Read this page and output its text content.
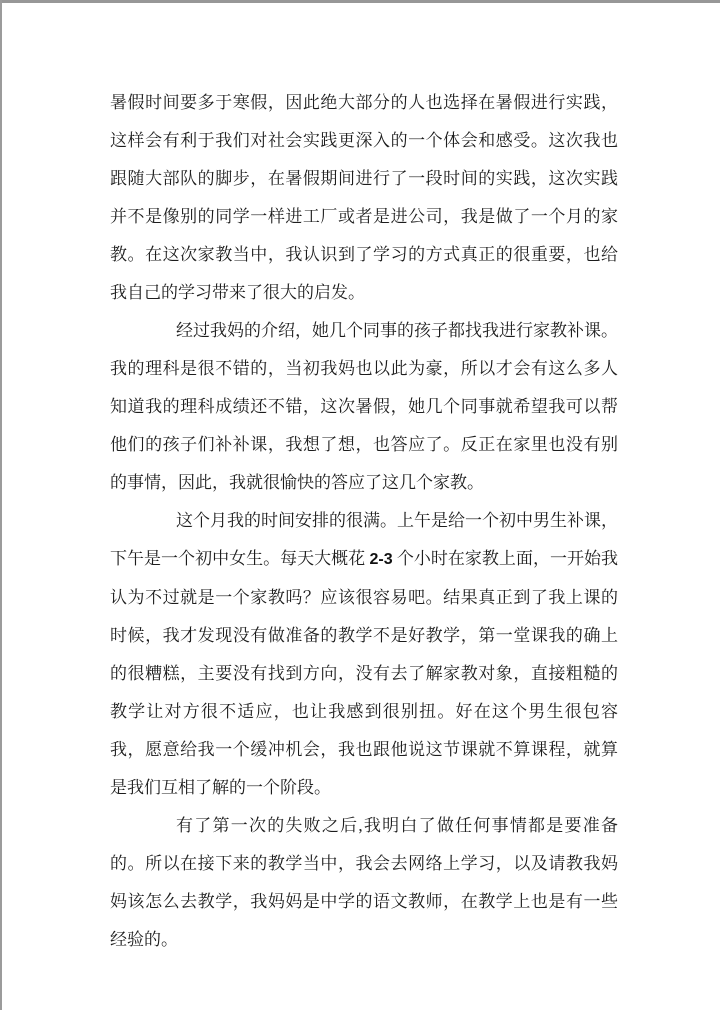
暑假时间要多于寒假，因此绝大部分的人也选择在暑假进行实践，这样会有利于我们对社会实践更深入的一个体会和感受。这次我也跟随大部队的脚步，在暑假期间进行了一段时间的实践，这次实践并不是像别的同学一样进工厂或者是进公司，我是做了一个月的家教。在这次家教当中，我认识到了学习的方式真正的很重要，也给我自己的学习带来了很大的启发。

经过我妈的介绍，她几个同事的孩子都找我进行家教补课。我的理科是很不错的，当初我妈也以此为豪，所以才会有这么多人知道我的理科成绩还不错，这次暑假，她几个同事就希望我可以帮他们的孩子们补补课，我想了想，也答应了。反正在家里也没有别的事情，因此，我就很愉快的答应了这几个家教。

这个月我的时间安排的很满。上午是给一个初中男生补课，下午是一个初中女生。每天大概花 2-3 个小时在家教上面，一开始我认为不过就是一个家教吗？应该很容易吧。结果真正到了我上课的时候，我才发现没有做准备的教学不是好教学，第一堂课我的确上的很糟糕，主要没有找到方向，没有去了解家教对象，直接粗糙的教学让对方很不适应，也让我感到很别扭。好在这个男生很包容我，愿意给我一个缓冲机会，我也跟他说这节课就不算课程，就算是我们互相了解的一个阶段。

有了第一次的失败之后,我明白了做任何事情都是要准备的。所以在接下来的教学当中，我会去网络上学习，以及请教我妈妈该怎么去教学，我妈妈是中学的语文教师，在教学上也是有一些经验的。
